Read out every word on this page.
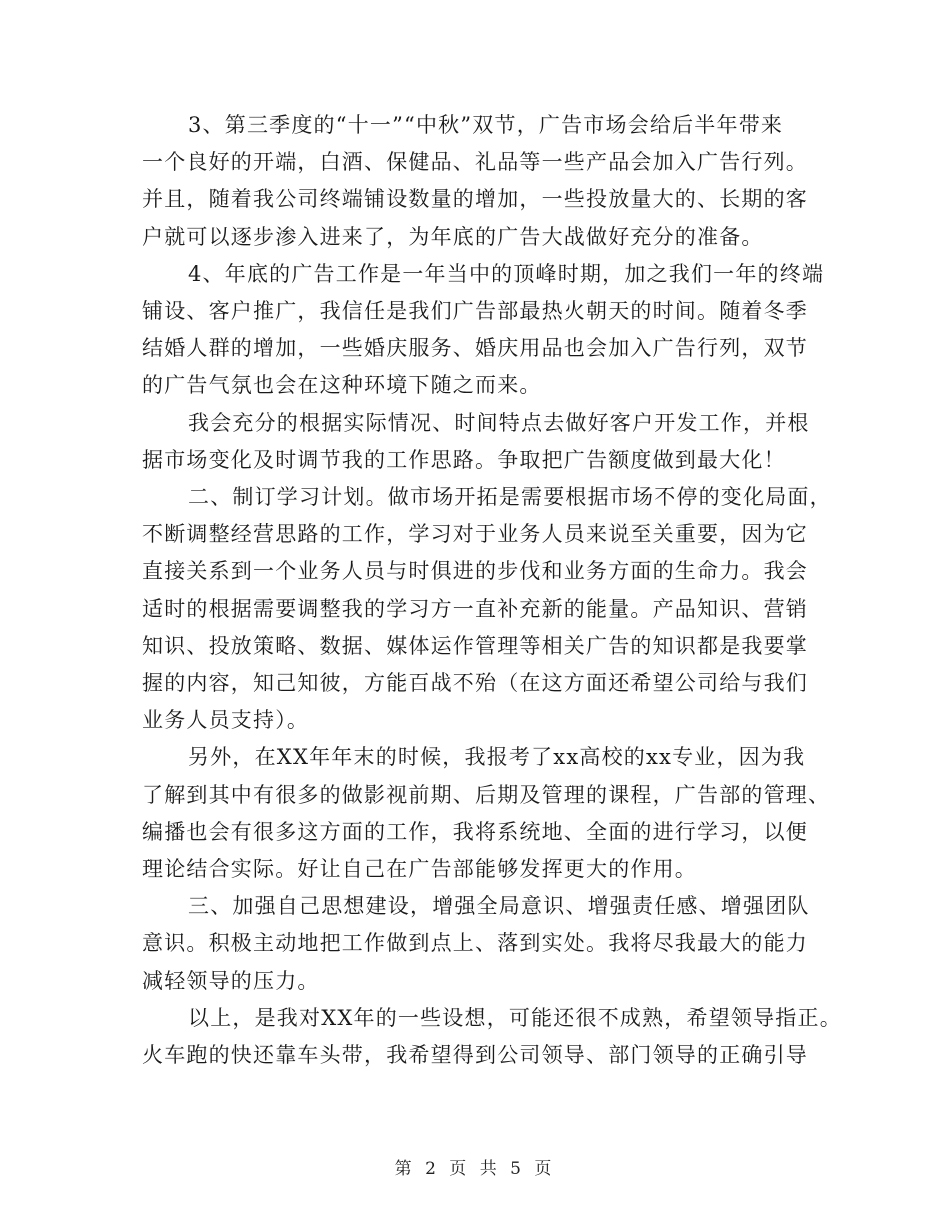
3、第三季度的“十一”“中秋”双节，广告市场会给后半年带来
一个良好的开端，白酒、保健品、礼品等一些产品会加入广告行列。
并且，随着我公司终端铺设数量的增加，一些投放量大的、长期的客
户就可以逐步渗入进来了，为年底的广告大战做好充分的准备。
4、年底的广告工作是一年当中的顶峰时期，加之我们一年的终端
铺设、客户推广，我信任是我们广告部最热火朝天的时间。随着冬季
结婚人群的增加，一些婚庆服务、婚庆用品也会加入广告行列，双节
的广告气氛也会在这种环境下随之而来。
我会充分的根据实际情况、时间特点去做好客户开发工作，并根
据市场变化及时调节我的工作思路。争取把广告额度做到最大化！
二、制订学习计划。做市场开拓是需要根据市场不停的变化局面，
不断调整经营思路的工作，学习对于业务人员来说至关重要，因为它
直接关系到一个业务人员与时俱进的步伐和业务方面的生命力。我会
适时的根据需要调整我的学习方一直补充新的能量。产品知识、营销
知识、投放策略、数据、媒体运作管理等相关广告的知识都是我要掌
握的内容，知己知彼，方能百战不殆（在这方面还希望公司给与我们
业务人员支持）。
另外，在XX年年末的时候，我报考了xx高校的xx专业，因为我
了解到其中有很多的做影视前期、后期及管理的课程，广告部的管理、
编播也会有很多这方面的工作，我将系统地、全面的进行学习，以便
理论结合实际。好让自己在广告部能够发挥更大的作用。
三、加强自己思想建设，增强全局意识、增强责任感、增强团队
意识。积极主动地把工作做到点上、落到实处。我将尽我最大的能力
减轻领导的压力。
以上，是我对XX年的一些设想，可能还很不成熟，希望领导指正。
火车跑的快还靠车头带，我希望得到公司领导、部门领导的正确引导
第 2 页 共 5 页
